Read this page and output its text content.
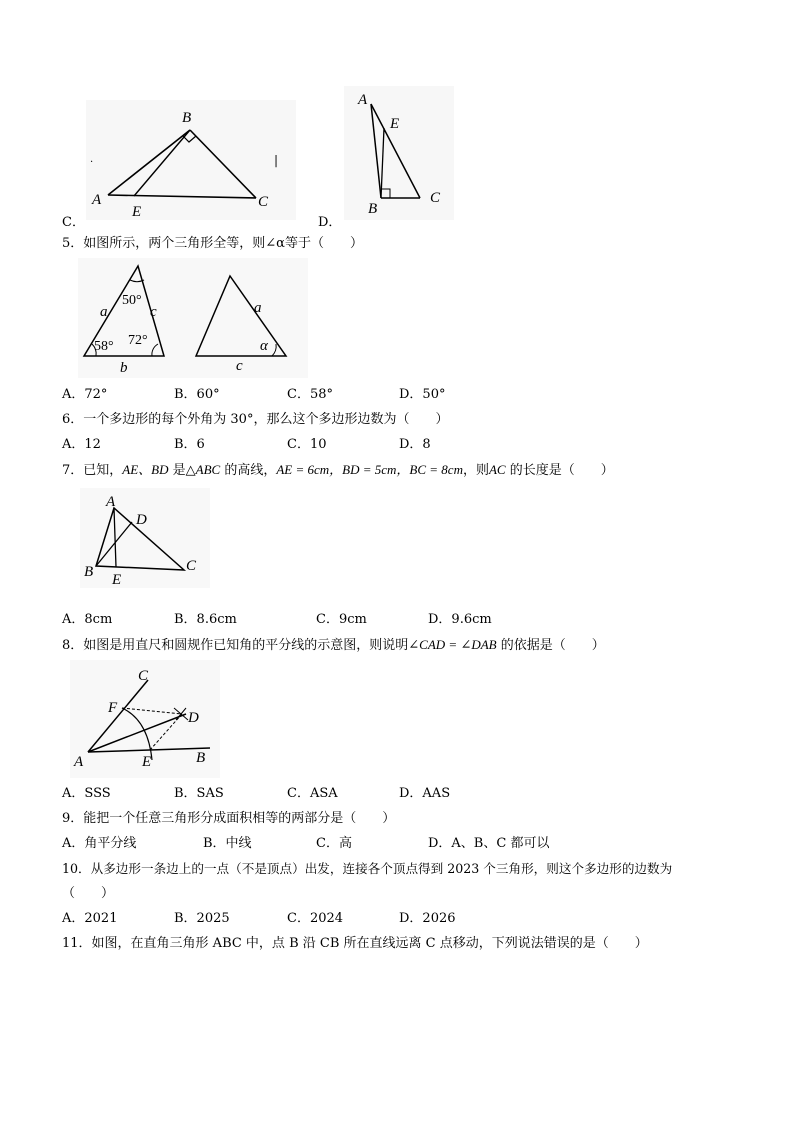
.	|
B
A	C
E
C．
A
E
B
C
D．
5．如图所示，两个三角形全等，则∠α等于（　　）
a	c
b
50°
58° 72°
a
c
α
A．72°	B．60°	C．58°	D．50°
6．一个多边形的每个外角为 30°，那么这个多边形边数为（　　）
A．12	B．6	C．10	D．8
7．已知，AE、BD 是△ABC 的高线，AE = 6cm，BD = 5cm，BC = 8cm，则AC 的长度是（　　）
A
D
B E
C
A．8cm	B．8.6cm	C．9cm	D．9.6cm
8．如图是用直尺和圆规作已知角的平分线的示意图，则说明∠CAD = ∠DAB 的依据是（　　）
C
F
D
A	E	B
A．SSS	B．SAS	C．ASA	D．AAS
9．能把一个任意三角形分成面积相等的两部分是（　　）
A．角平分线	B．中线	C．高	D．A、B、C 都可以
10．从多边形一条边上的一点（不是顶点）出发，连接各个顶点得到 2023 个三角形，则这个多边形的边数为
（　　）
A．2021	B．2025	C．2024	D．2026
11．如图，在直角三角形 ABC 中，点 B 沿 CB 所在直线远离 C 点移动，下列说法错误的是（　　）
